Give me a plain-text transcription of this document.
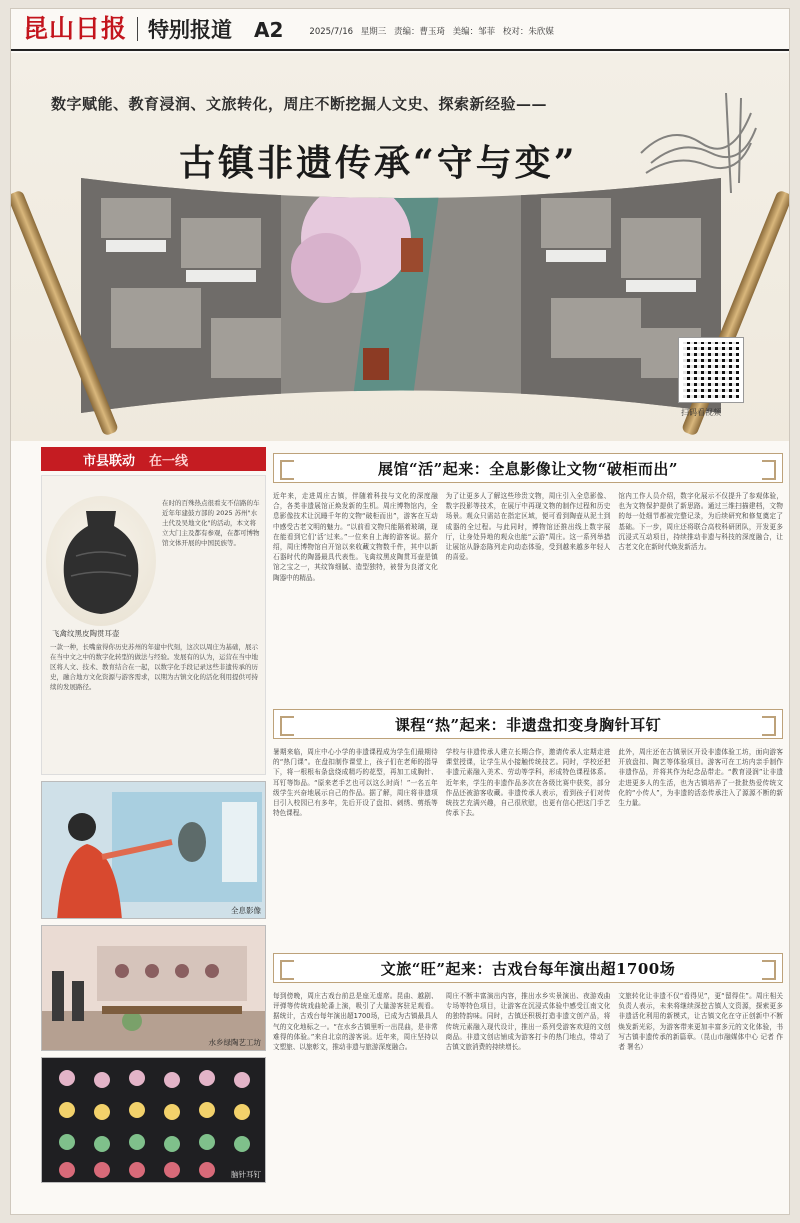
昆山日报 特别报道 A2	2025/7/16 星期三 责编：曹玉琦 美编：邹菲 校对：朱欣媒
数字赋能、教育浸润、文旅转化，周庄不断挖掘人文史、探索新经验——
古镇非遗传承“守与变”
扫码看视频
市县联动 在一线
飞禽纹黑皮陶贯耳壶
在时的百殊热点很看支不信路的车近年年建鼓方部的 2025 苏州"水土代及吴地文化"的活动，本文将立大门主及都有参观，在都可博物馆文体开展的中国民族等。
一款一种，长嘴童得你历史苏州的年建中代刻，这次以周庄为基础，展示在当中文之中的数字化转型的做法与经验。发展有的认为，运营在当中地区将人文、技术、教育结合在一起，以数字化手段记录这些非遗传承的历史，融合地方文化资源与游客需求，以期为古镇文化的活化利用提供可持续的发展路径。
全息影像
水乡绿陶艺工坊
脑针耳钉
展馆“活”起来：全息影像让文物“破柜而出”
近年来，走进周庄古镇，伴随着科技与文化的深度融合，各类非遗展馆正焕发新的生机。周庄博物馆内，全息影像技术让沉睡千年的文物“破柜而出”，游客在互动中感受古老文明的魅力。“以前看文物只能隔着玻璃，现在能看到它们‘活’过来。”一位来自上海的游客说。据介绍，周庄博物馆自开馆以来收藏文物数千件，其中以新石器时代的陶器最具代表性。飞禽纹黑皮陶贯耳壶是镇馆之宝之一，其纹饰细腻、造型独特，被誉为良渚文化陶器中的精品。
为了让更多人了解这些珍贵文物，周庄引入全息影像、数字投影等技术，在展厅中再现文物的制作过程和历史场景。观众只需站在指定区域，便可看到陶壶从泥土到成器的全过程。与此同时，博物馆还推出线上数字展厅，让身处异地的观众也能“云游”周庄。这一系列举措让展馆从静态陈列走向动态体验，受到越来越多年轻人的喜爱。
馆内工作人员介绍，数字化展示不仅提升了参观体验，也为文物保护提供了新思路。通过三维扫描建档，文物的每一处细节都被完整记录，为后续研究和修复奠定了基础。下一步，周庄还将联合高校科研团队，开发更多沉浸式互动项目，持续推动非遗与科技的深度融合，让古老文化在新时代焕发新活力。
课程“热”起来：非遗盘扣变身胸针耳钉
暑期来临，周庄中心小学的非遗课程成为学生们最期待的“热门课”。在盘扣制作课堂上，孩子们在老师的指导下，将一根根布条盘绕成精巧的花型，再加工成胸针、耳钉等饰品。“原来老手艺也可以这么时尚！”一名五年级学生兴奋地展示自己的作品。据了解，周庄将非遗项目引入校园已有多年，先后开设了盘扣、刺绣、剪纸等特色课程。
学校与非遗传承人建立长期合作，邀请传承人定期走进课堂授课，让学生从小接触传统技艺。同时，学校还把非遗元素融入美术、劳动等学科，形成特色课程体系。近年来，学生的非遗作品多次在各级比赛中获奖，部分作品还被游客收藏。非遗传承人表示，看到孩子们对传统技艺充满兴趣，自己很欣慰，也更有信心把这门手艺传承下去。
此外，周庄还在古镇景区开设非遗体验工坊，面向游客开放盘扣、陶艺等体验项目。游客可在工坊内亲手制作非遗作品，并将其作为纪念品带走。“教育浸润”让非遗走进更多人的生活，也为古镇培养了一批批热爱传统文化的“小传人”，为非遗的活态传承注入了源源不断的新生力量。
文旅“旺”起来：古戏台每年演出超1700场
每到傍晚，周庄古戏台前总是座无虚席。昆曲、越剧、评弹等传统戏曲轮番上演，吸引了大量游客驻足观看。据统计，古戏台每年演出超1700场，已成为古镇最具人气的文化地标之一。“在水乡古镇里听一出昆曲，是非常难得的体验。”来自北京的游客说。近年来，周庄坚持以文塑旅、以旅彰文，推动非遗与旅游深度融合。
周庄不断丰富演出内容，推出水乡实景演出、夜游戏曲专场等特色项目，让游客在沉浸式体验中感受江南文化的独特韵味。同时，古镇还积极打造非遗文创产品，将传统元素融入现代设计，推出一系列受游客欢迎的文创商品。非遗文创店铺成为游客打卡的热门地点，带动了古镇文旅消费的持续增长。
文旅转化让非遗不仅“看得见”，更“留得住”。周庄相关负责人表示，未来将继续深挖古镇人文资源，探索更多非遗活化利用的新模式，让古镇文化在守正创新中不断焕发新光彩，为游客带来更加丰富多元的文化体验，书写古镇非遗传承的新篇章。（昆山市融媒体中心 记者 作者 署名）
